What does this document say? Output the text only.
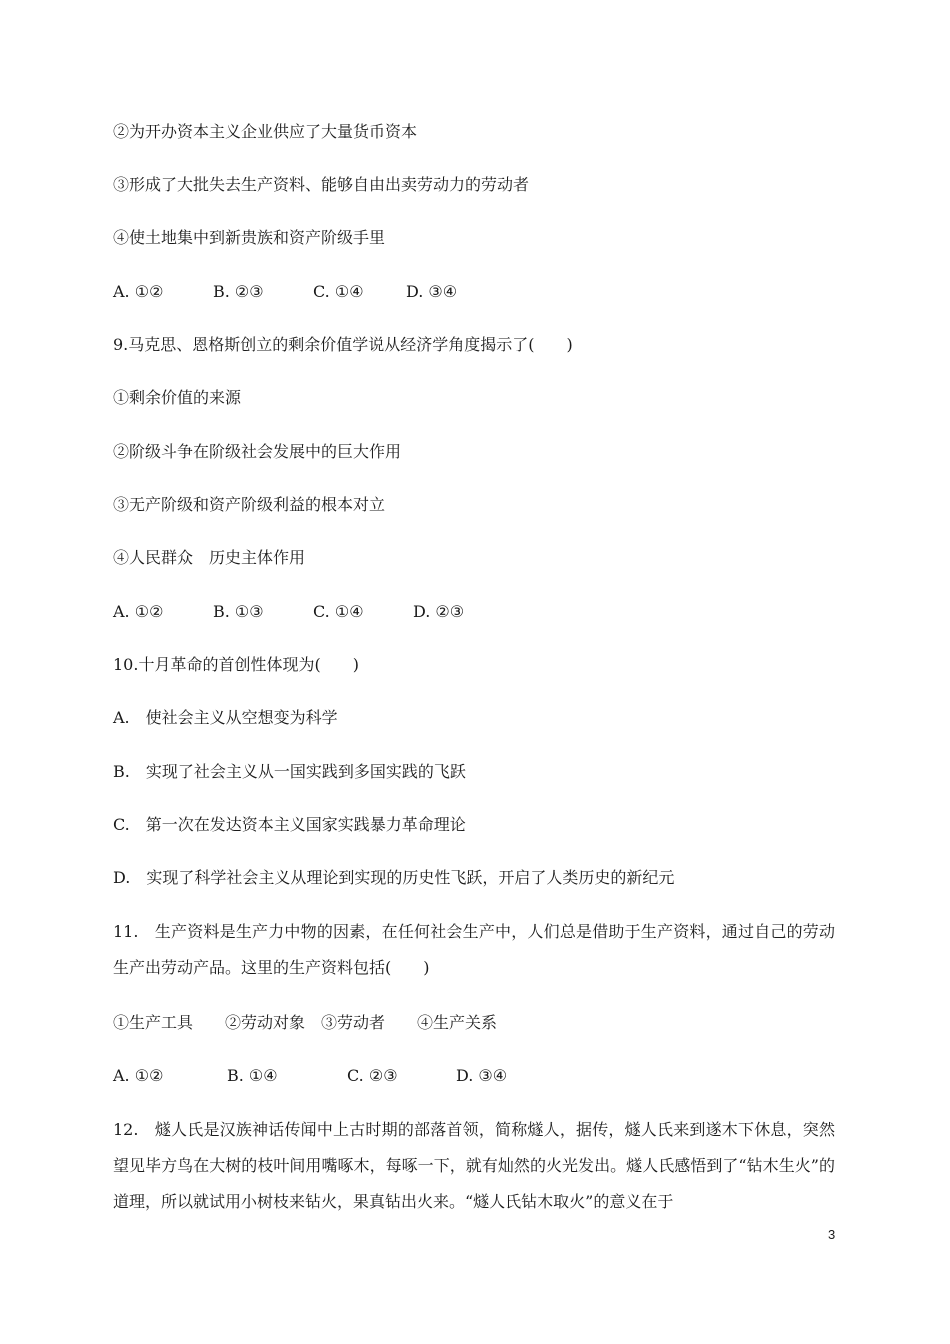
②为开办资本主义企业供应了大量货币资本
③形成了大批失去生产资料、能够自由出卖劳动力的劳动者
④使土地集中到新贵族和资产阶级手里
A. ①②	B. ②③	C. ①④	D. ③④
9.马克思、恩格斯创立的剩余价值学说从经济学角度揭示了(　　)
①剩余价值的来源
②阶级斗争在阶级社会发展中的巨大作用
③无产阶级和资产阶级利益的根本对立
④人民群众　历史主体作用
A. ①②	B. ①③	C. ①④	D. ②③
10.十月革命的首创性体现为(　　)
A.　使社会主义从空想变为科学
B.　实现了社会主义从一国实践到多国实践的飞跃
C.　第一次在发达资本主义国家实践暴力革命理论
D.　实现了科学社会主义从理论到实现的历史性飞跃，开启了人类历史的新纪元
11.　生产资料是生产力中物的因素，在任何社会生产中，人们总是借助于生产资料，通过自己的劳动生产出劳动产品。这里的生产资料包括(　　)
①生产工具　　②劳动对象　③劳动者　　④生产关系
A. ①②	B. ①④	C. ②③	D. ③④
12.　燧人氏是汉族神话传闻中上古时期的部落首领，简称燧人，据传，燧人氏来到遂木下休息，突然望见毕方鸟在大树的枝叶间用嘴啄木，每啄一下，就有灿然的火光发出。燧人氏感悟到了“钻木生火”的道理，所以就试用小树枝来钻火，果真钻出火来。“燧人氏钻木取火”的意义在于
3
